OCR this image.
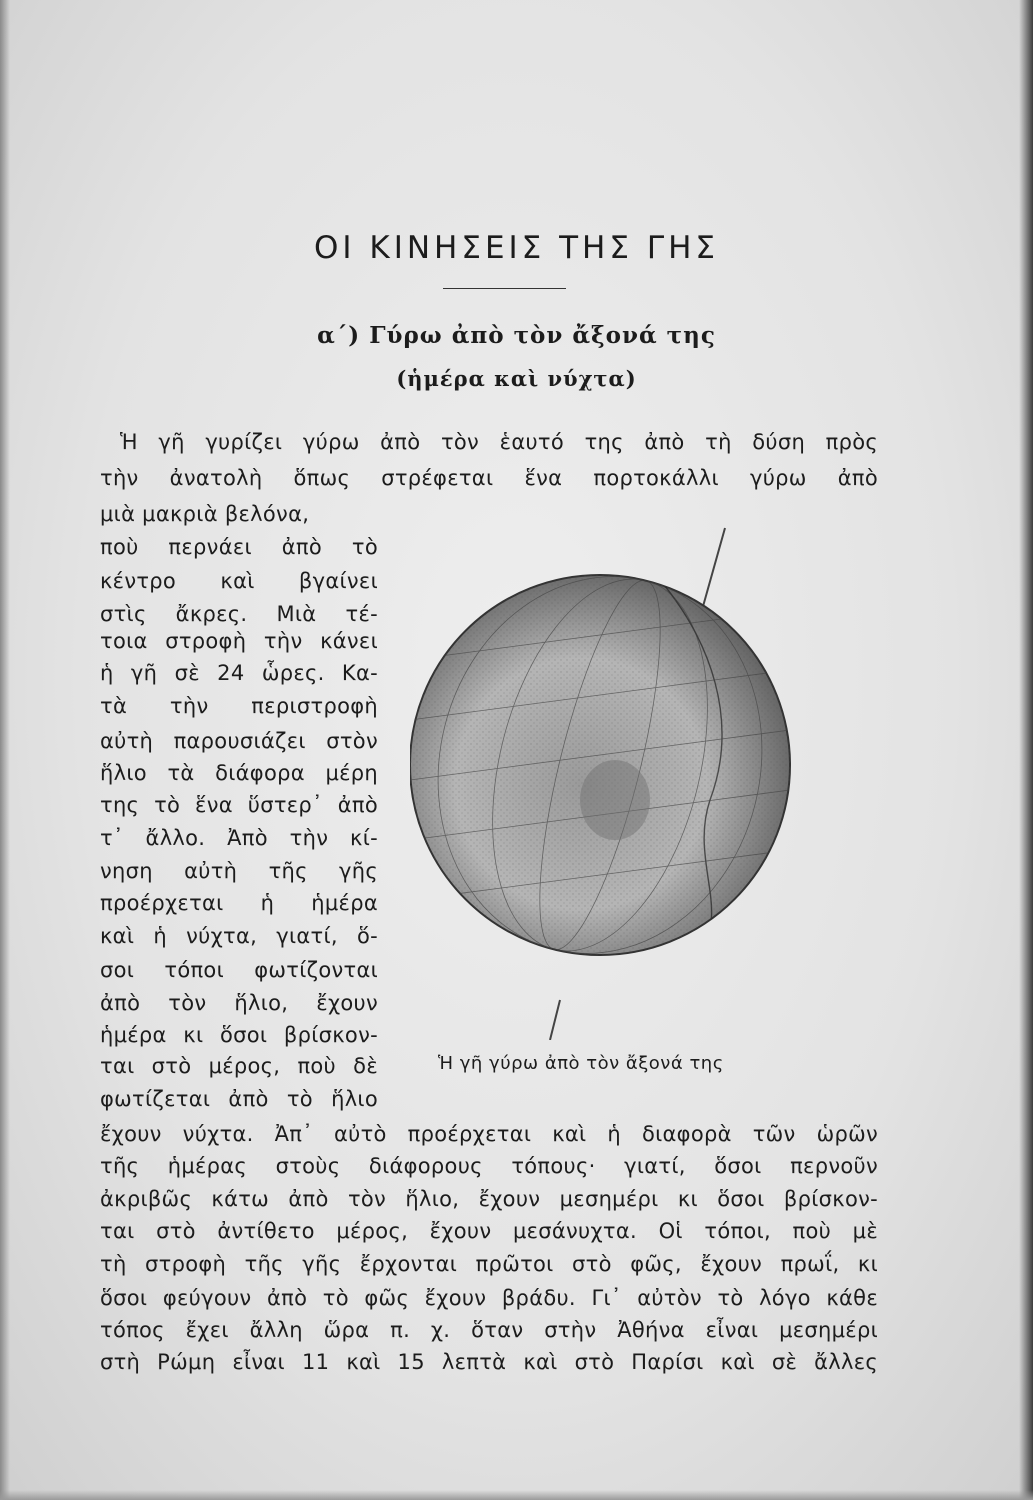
ΟΙ ΚΙΝΗΣΕΙΣ ΤΗΣ ΓΗΣ
α΄) Γύρω ἀπὸ τὸν ἄξονά της
(ἡμέρα καὶ νύχτα)
Ἡ γῆ γυρίζει γύρω ἀπὸ τὸν ἑαυτό της ἀπὸ τὴ δύση πρὸς
τὴν ἀνατολὴ ὅπως στρέφεται ἕνα πορτοκάλλι γύρω ἀπὸ
μιὰ μακριὰ βελόνα,
ποὺ περνάει ἀπὸ τὸ
κέντρο καὶ βγαίνει
στὶς ἄκρες. Μιὰ τέ-
τοια στροφὴ τὴν κάνει
ἡ γῆ σὲ 24 ὧρες. Κα-
τὰ τὴν περιστροφὴ
αὐτὴ παρουσιάζει στὸν
ἥλιο τὰ διάφορα μέρη
της τὸ ἕνα ὕστερ᾽ ἀπὸ
τ᾽ ἄλλο. Ἀπὸ τὴν κί-
νηση αὐτὴ τῆς γῆς
προέρχεται ἡ ἡμέρα
καὶ ἡ νύχτα, γιατί, ὅ-
σοι τόποι φωτίζονται
ἀπὸ τὸν ἥλιο, ἔχουν
ἡμέρα κι ὅσοι βρίσκον-
ται στὸ μέρος, ποὺ δὲ
φωτίζεται ἀπὸ τὸ ἥλιο
ἔχουν νύχτα. Ἀπ᾽ αὐτὸ προέρχεται καὶ ἡ διαφορὰ τῶν ὡρῶν
τῆς ἡμέρας στοὺς διάφορους τόπους· γιατί, ὅσοι περνοῦν
ἀκριβῶς κάτω ἀπὸ τὸν ἥλιο, ἔχουν μεσημέρι κι ὅσοι βρίσκον-
ται στὸ ἀντίθετο μέρος, ἔχουν μεσάνυχτα. Οἱ τόποι, ποὺ μὲ
τὴ στροφὴ τῆς γῆς ἔρχονται πρῶτοι στὸ φῶς, ἔχουν πρωΐ, κι
ὅσοι φεύγουν ἀπὸ τὸ φῶς ἔχουν βράδυ. Γι᾽ αὐτὸν τὸ λόγο κάθε
τόπος ἔχει ἄλλη ὥρα π. χ. ὅταν στὴν Ἀθήνα εἶναι μεσημέρι
στὴ Ρώμη εἶναι 11 καὶ 15 λεπτὰ καὶ στὸ Παρίσι καὶ σὲ ἄλλες
Ἡ γῆ γύρω ἀπὸ τὸν ἄξονά της
